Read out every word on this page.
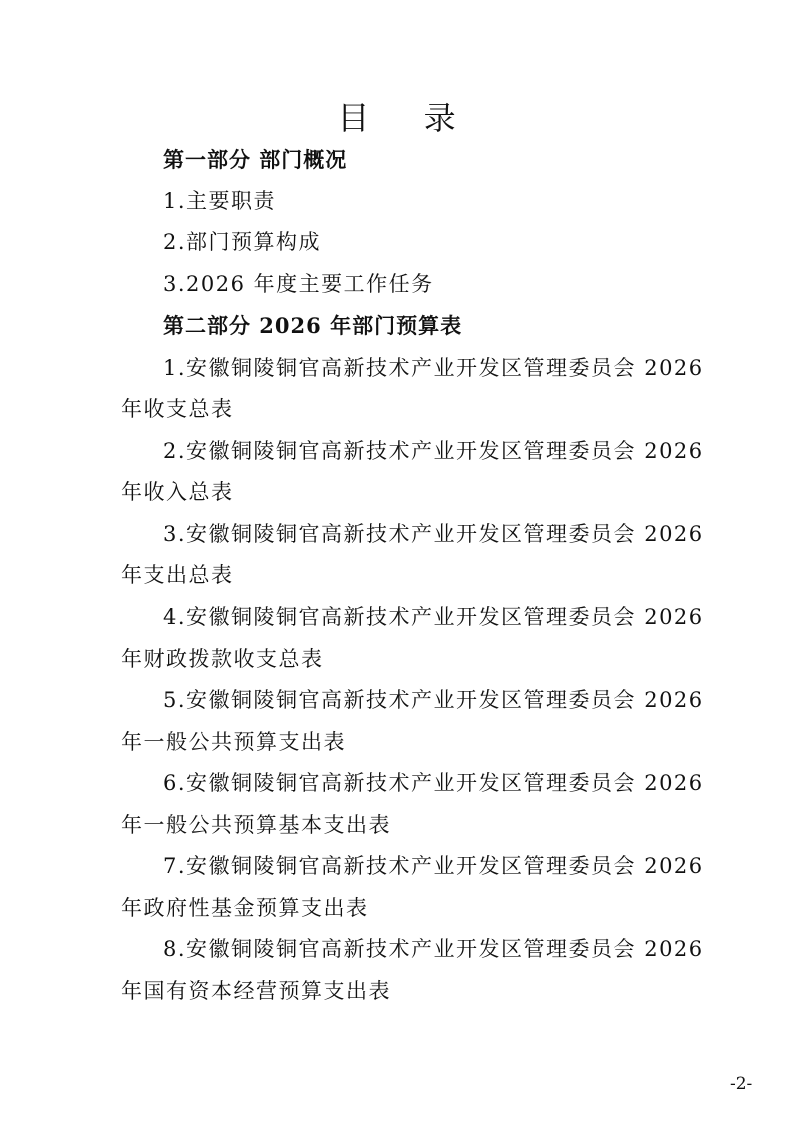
目 录
第一部分 部门概况
1.主要职责
2.部门预算构成
3.2026 年度主要工作任务
第二部分 2026 年部门预算表
1.安徽铜陵铜官高新技术产业开发区管理委员会 2026
年收支总表
2.安徽铜陵铜官高新技术产业开发区管理委员会 2026
年收入总表
3.安徽铜陵铜官高新技术产业开发区管理委员会 2026
年支出总表
4.安徽铜陵铜官高新技术产业开发区管理委员会 2026
年财政拨款收支总表
5.安徽铜陵铜官高新技术产业开发区管理委员会 2026
年一般公共预算支出表
6.安徽铜陵铜官高新技术产业开发区管理委员会 2026
年一般公共预算基本支出表
7.安徽铜陵铜官高新技术产业开发区管理委员会 2026
年政府性基金预算支出表
8.安徽铜陵铜官高新技术产业开发区管理委员会 2026
年国有资本经营预算支出表
-2-
